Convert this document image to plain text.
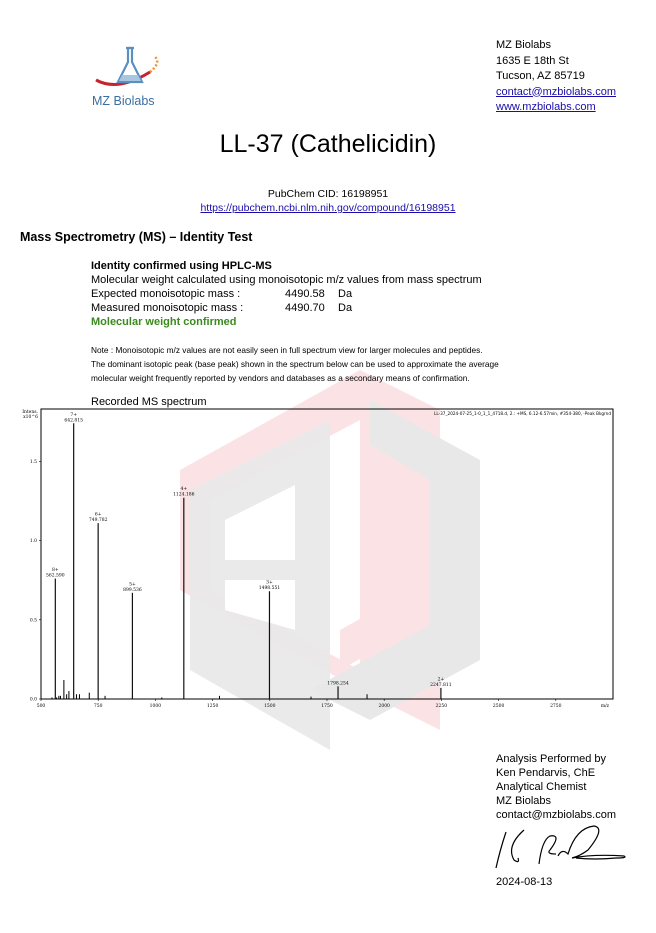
MZ Biolabs
MZ Biolabs
1635 E 18th St
Tucson, AZ 85719
contact@mzbiolabs.com
www.mzbiolabs.com
LL-37 (Cathelicidin)
PubChem CID: 16198951
https://pubchem.ncbi.nlm.nih.gov/compound/16198951
Mass Spectrometry (MS) – Identity Test
Identity confirmed using HPLC-MS
Molecular weight calculated using monoisotopic m/z values from mass spectrum
Expected monoisotopic mass :	4490.58	Da
Measured monoisotopic mass :	4490.70	Da
Molecular weight confirmed
Note : Monoisotopic m/z values are not easily seen in full spectrum view for larger molecules and peptides.
The dominant isotopic peak (base peak) shown in the spectrum below can be used to approximate the average
molecular weight frequently reported by vendors and databases as a secondary means of confirmation.
Recorded MS spectrum
LL-37_2024-07-25_1-0_1_1_4718.d, 2.: +MS, 6.12-6.57min, #354-380, -Peak Bkgrnd
Intens.
x10^6
0.0
0.5
1.0
1.5
500	750	1000	1250	1500	1750	2000	2250	2500	2750	m/z
562.590
8+
642.815
7+
749.782
6+
899.536
5+
1124.186
4+
1498.551
3+
1798.254	2247.811
2+
Analysis Performed by
Ken Pendarvis, ChE
Analytical Chemist
MZ Biolabs
contact@mzbiolabs.com
2024-08-13
